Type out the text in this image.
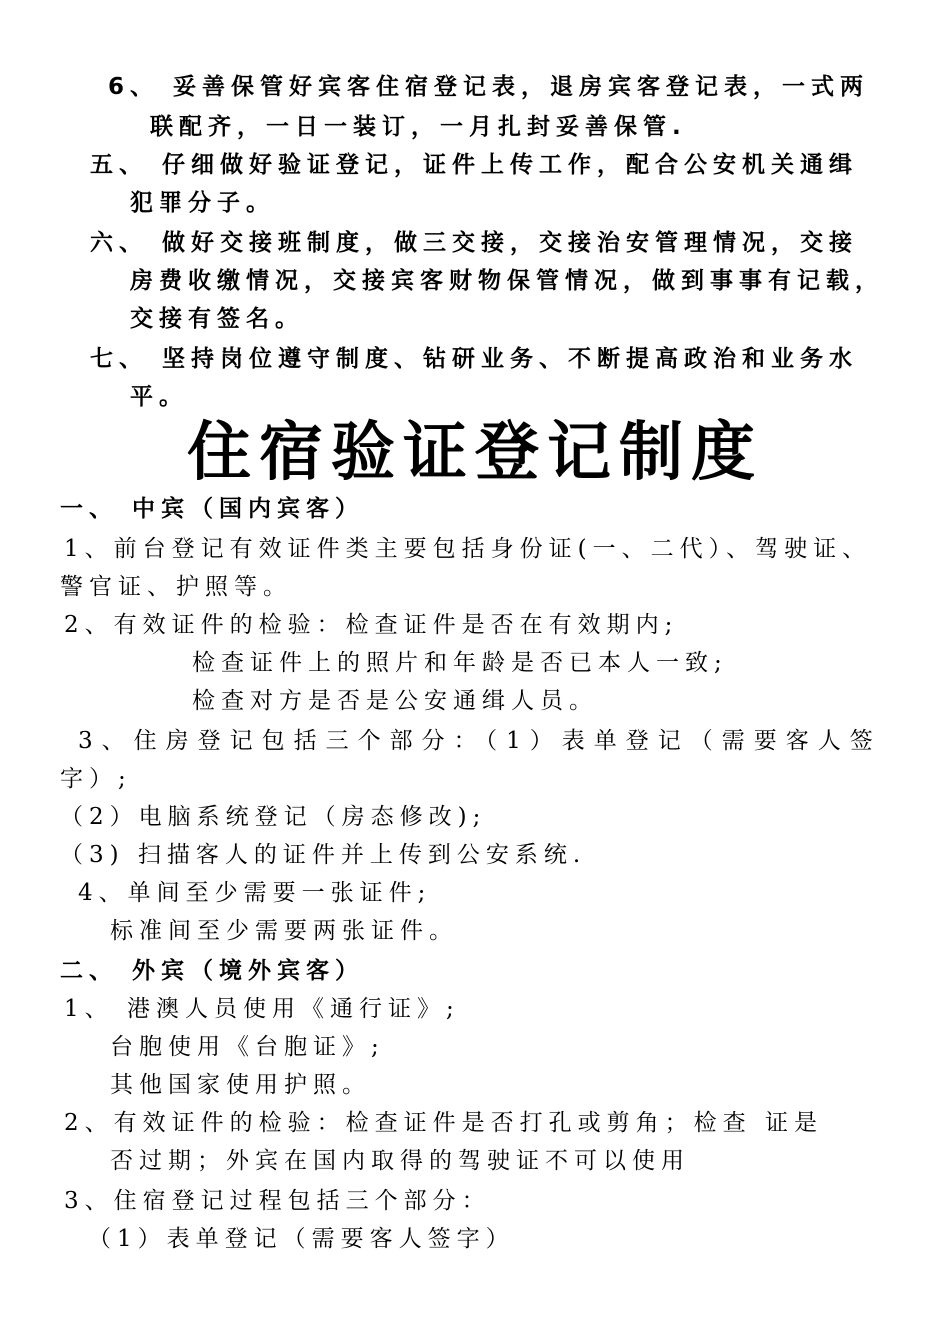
6、 妥善保管好宾客住宿登记表，退房宾客登记表，一式两
联配齐，一日一装订，一月扎封妥善保管.
五、 仔细做好验证登记，证件上传工作，配合公安机关通缉
犯罪分子。
六、 做好交接班制度，做三交接，交接治安管理情况，交接
房费收缴情况，交接宾客财物保管情况，做到事事有记载，
交接有签名。
七、 坚持岗位遵守制度、钻研业务、不断提高政治和业务水
平。
住宿验证登记制度
一、 中宾（国内宾客）
1、前台登记有效证件类主要包括身份证(一、二代）、驾驶证、
警官证、护照等。
2、有效证件的检验：检查证件是否在有效期内;
检查证件上的照片和年龄是否已本人一致;
检查对方是否是公安通缉人员。
3、住房登记包括三个部分：（1）表单登记（需要客人签
字）;
（2）电脑系统登记（房态修改);
（3) 扫描客人的证件并上传到公安系统.
4、单间至少需要一张证件;
标准间至少需要两张证件。
二、 外宾（境外宾客）
1、 港澳人员使用《通行证》;
台胞使用《台胞证》;
其他国家使用护照。
2、有效证件的检验：检查证件是否打孔或剪角；检查 证是
否过期；外宾在国内取得的驾驶证不可以使用
3、住宿登记过程包括三个部分：
（1）表单登记（需要客人签字）
